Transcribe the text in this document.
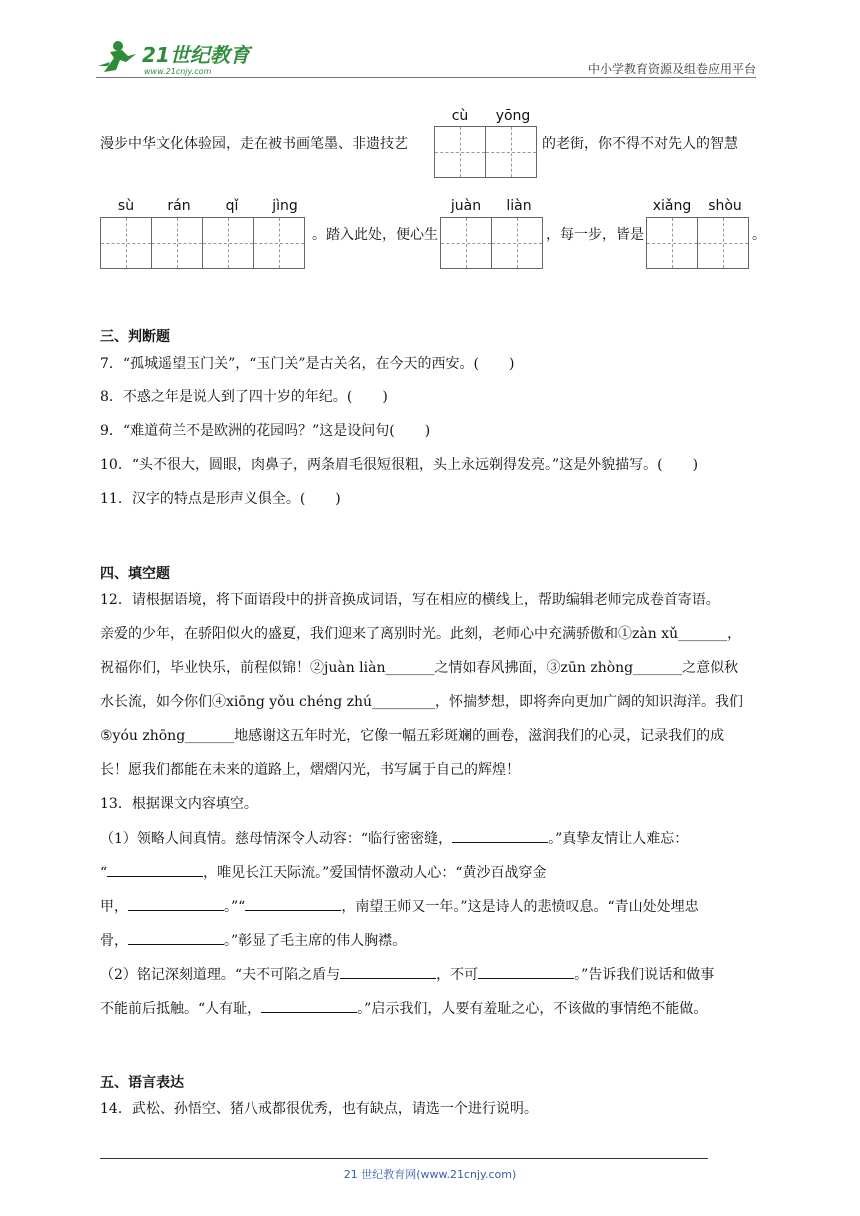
21世纪教育
www.21cnjy.com	中小学教育资源及组卷应用平台
漫步中华文化体验园，走在被书画笔墨、非遗技艺
cù	yōng
的老街，你不得不对先人的智慧
sù	rán	qǐ	jìng
。踏入此处，便心生
juàn	liàn
，每一步，皆是
xiǎng	shòu
。
三、判断题
7．“孤城遥望玉门关”，“玉门关”是古关名，在今天的西安。( )
8．不惑之年是说人到了四十岁的年纪。( )
9．“难道荷兰不是欧洲的花园吗？”这是设问句( )
10．“头不很大，圆眼，肉鼻子，两条眉毛很短很粗，头上永远剃得发亮。”这是外貌描写。( )
11．汉字的特点是形声义俱全。( )
四、填空题
12．请根据语境，将下面语段中的拼音换成词语，写在相应的横线上，帮助编辑老师完成卷首寄语。
亲爱的少年，在骄阳似火的盛夏，我们迎来了离别时光。此刻，老师心中充满骄傲和①zàn xǔ_______，
祝福你们，毕业快乐，前程似锦！②juàn liàn_______之情如春风拂面，③zūn zhòng_______之意似秋
水长流，如今你们④xiōng yǒu chéng zhú_________，怀揣梦想，即将奔向更加广阔的知识海洋。我们
⑤yóu zhōng_______地感谢这五年时光，它像一幅五彩斑斓的画卷，滋润我们的心灵，记录我们的成
长！愿我们都能在未来的道路上，熠熠闪光，书写属于自己的辉煌！
13．根据课文内容填空。
（1）领略人间真情。慈母情深令人动容：“临行密密缝，	。”真挚友情让人难忘：
“	，唯见长江天际流。”爱国情怀激动人心：“黄沙百战穿金
甲，	。”“	，南望王师又一年。”这是诗人的悲愤叹息。“青山处处埋忠
骨，	。”彰显了毛主席的伟人胸襟。
（2）铭记深刻道理。“夫不可陷之盾与	，不可	。”告诉我们说话和做事
不能前后抵触。“人有耻，	。”启示我们，人要有羞耻之心，不该做的事情绝不能做。
五、语言表达
14．武松、孙悟空、猪八戒都很优秀，也有缺点，请选一个进行说明。
21 世纪教育网(www.21cnjy.com)
